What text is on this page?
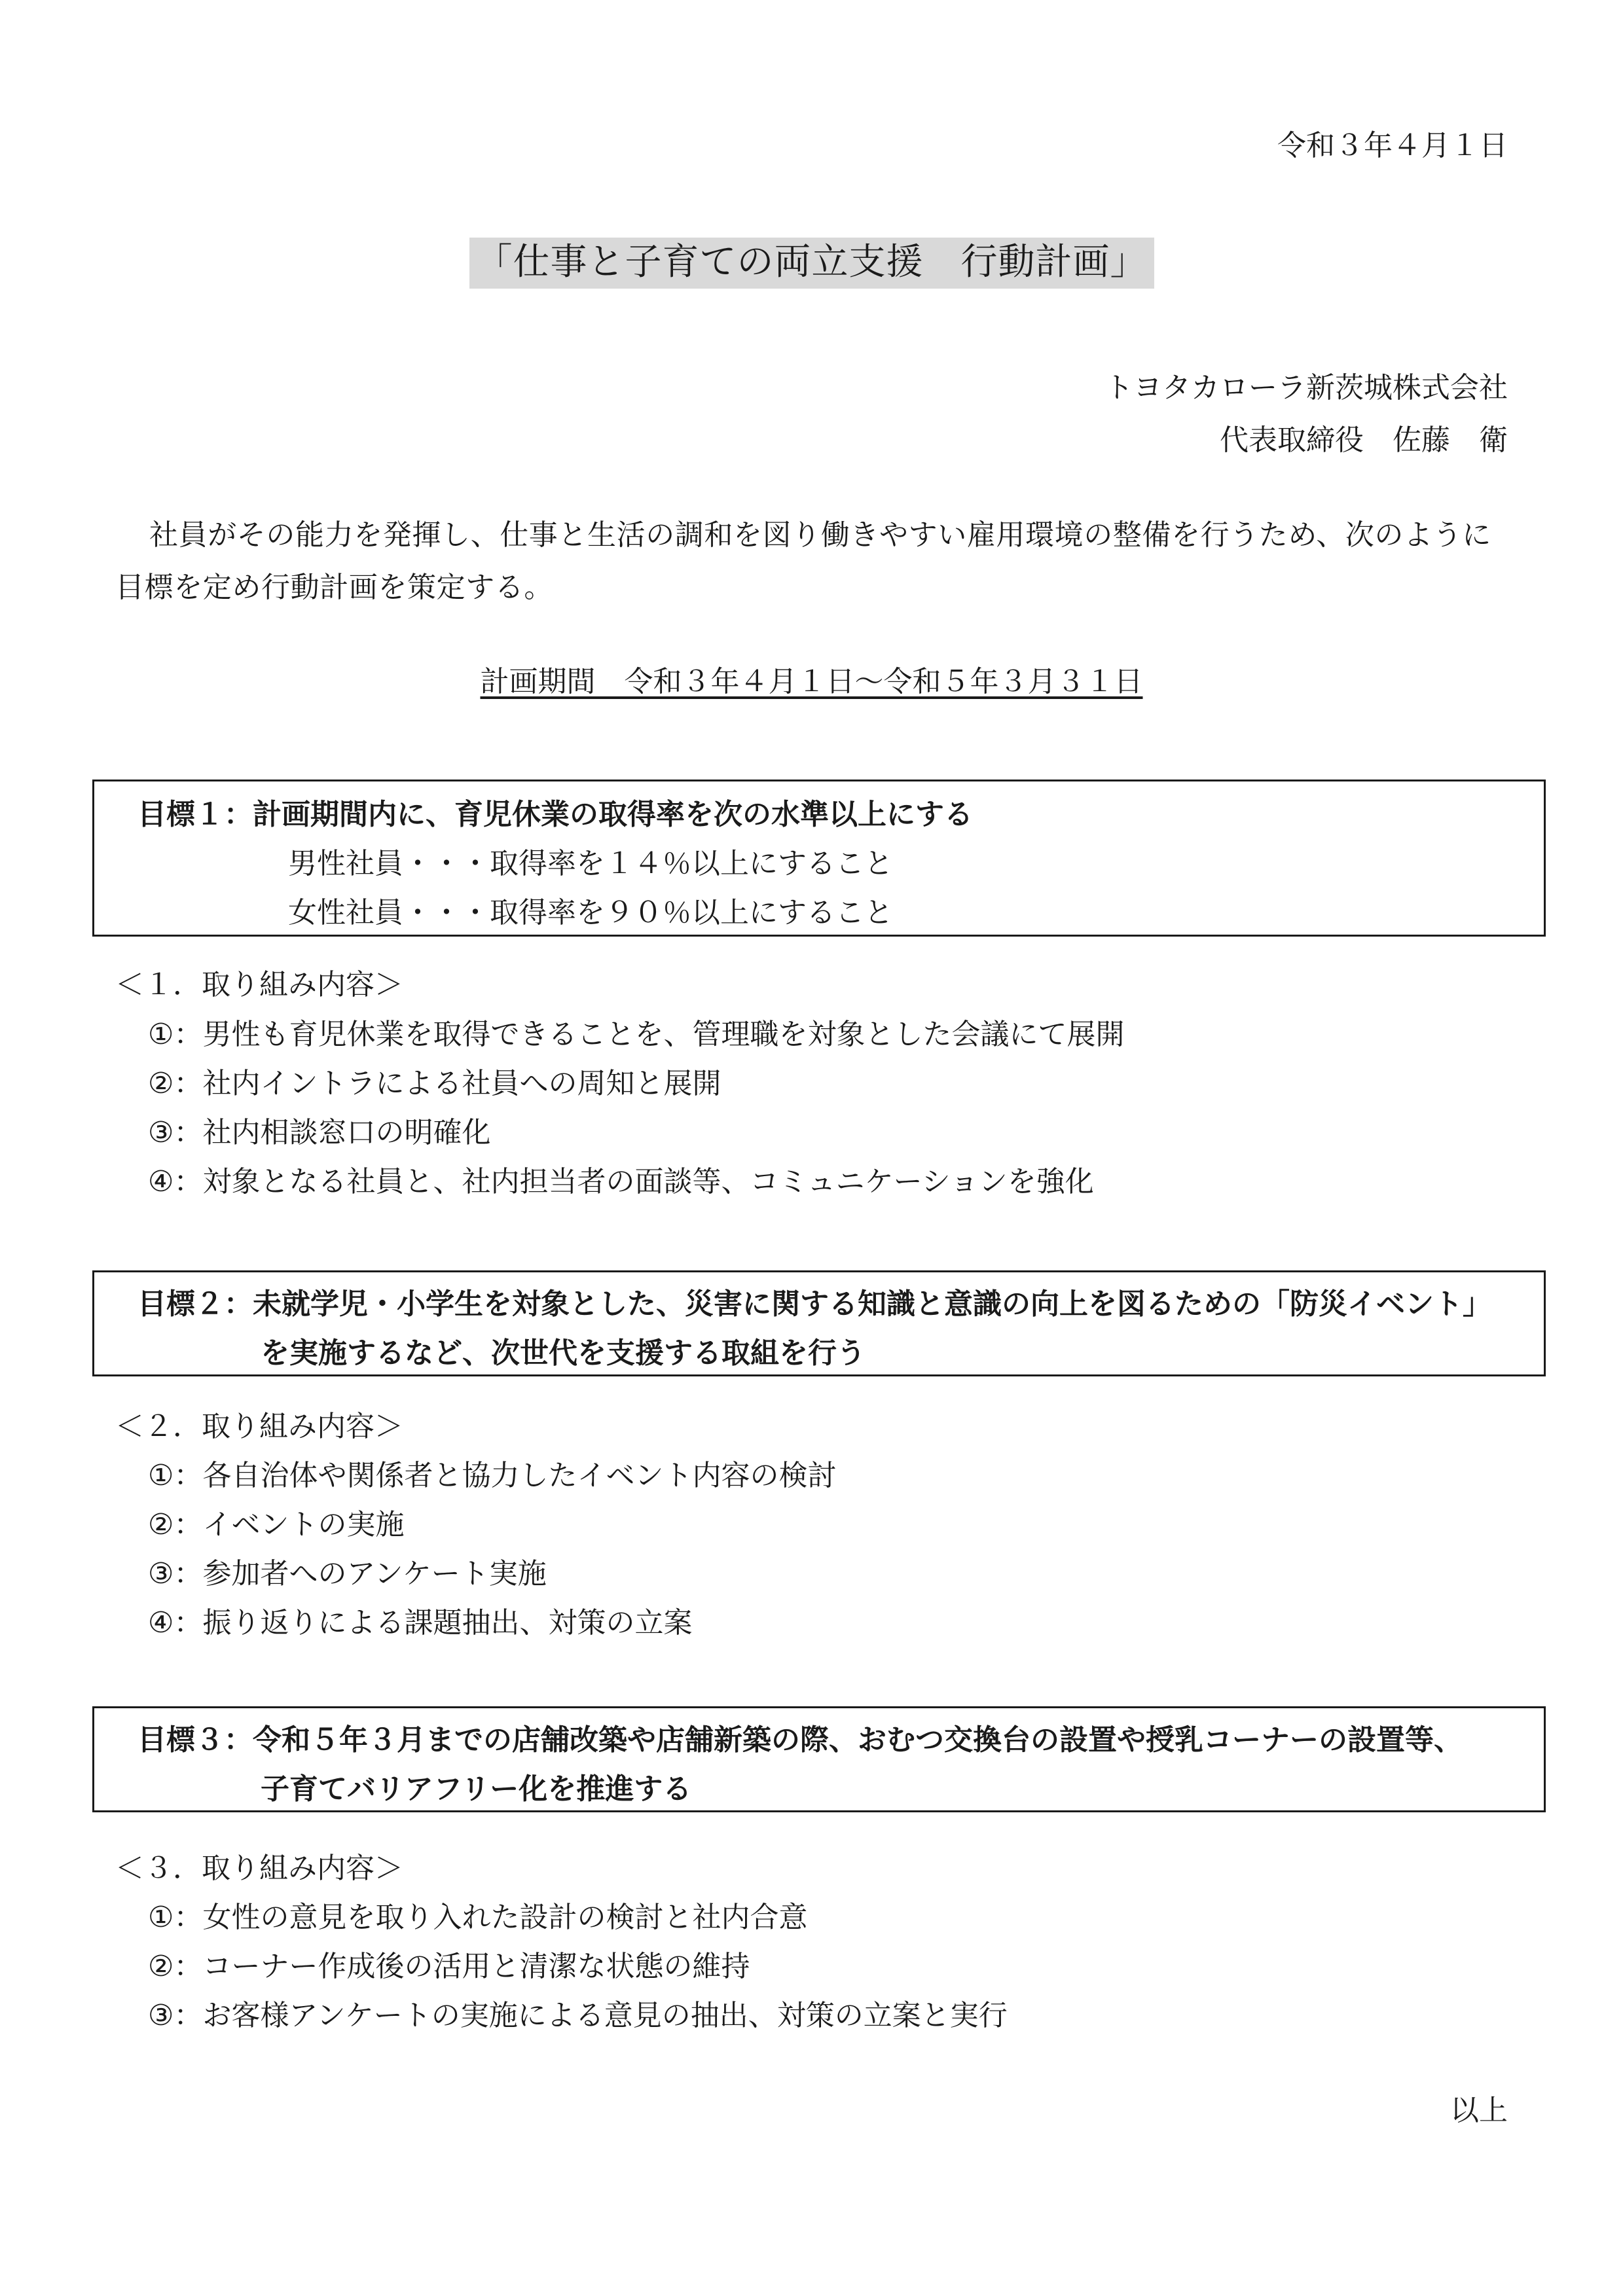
令和３年４月１日
「仕事と子育ての両立支援　行動計画」
トヨタカローラ新茨城株式会社
代表取締役　佐藤　衛
社員がその能力を発揮し、仕事と生活の調和を図り働きやすい雇用環境の整備を行うため、次のように目標を定め行動計画を策定する。
計画期間　令和３年４月１日～令和５年３月３１日
目標１：計画期間内に、育児休業の取得率を次の水準以上にする
男性社員・・・取得率を１４％以上にすること
女性社員・・・取得率を９０％以上にすること
＜１．取り組み内容＞
①：男性も育児休業を取得できることを、管理職を対象とした会議にて展開
②：社内イントラによる社員への周知と展開
③：社内相談窓口の明確化
④：対象となる社員と、社内担当者の面談等、コミュニケーションを強化
目標２：未就学児・小学生を対象とした、災害に関する知識と意識の向上を図るための「防災イベント」
を実施するなど、次世代を支援する取組を行う
＜２．取り組み内容＞
①：各自治体や関係者と協力したイベント内容の検討
②：イベントの実施
③：参加者へのアンケート実施
④：振り返りによる課題抽出、対策の立案
目標３：令和５年３月までの店舗改築や店舗新築の際、おむつ交換台の設置や授乳コーナーの設置等、
子育てバリアフリー化を推進する
＜３．取り組み内容＞
①：女性の意見を取り入れた設計の検討と社内合意
②：コーナー作成後の活用と清潔な状態の維持
③：お客様アンケートの実施による意見の抽出、対策の立案と実行
以上
